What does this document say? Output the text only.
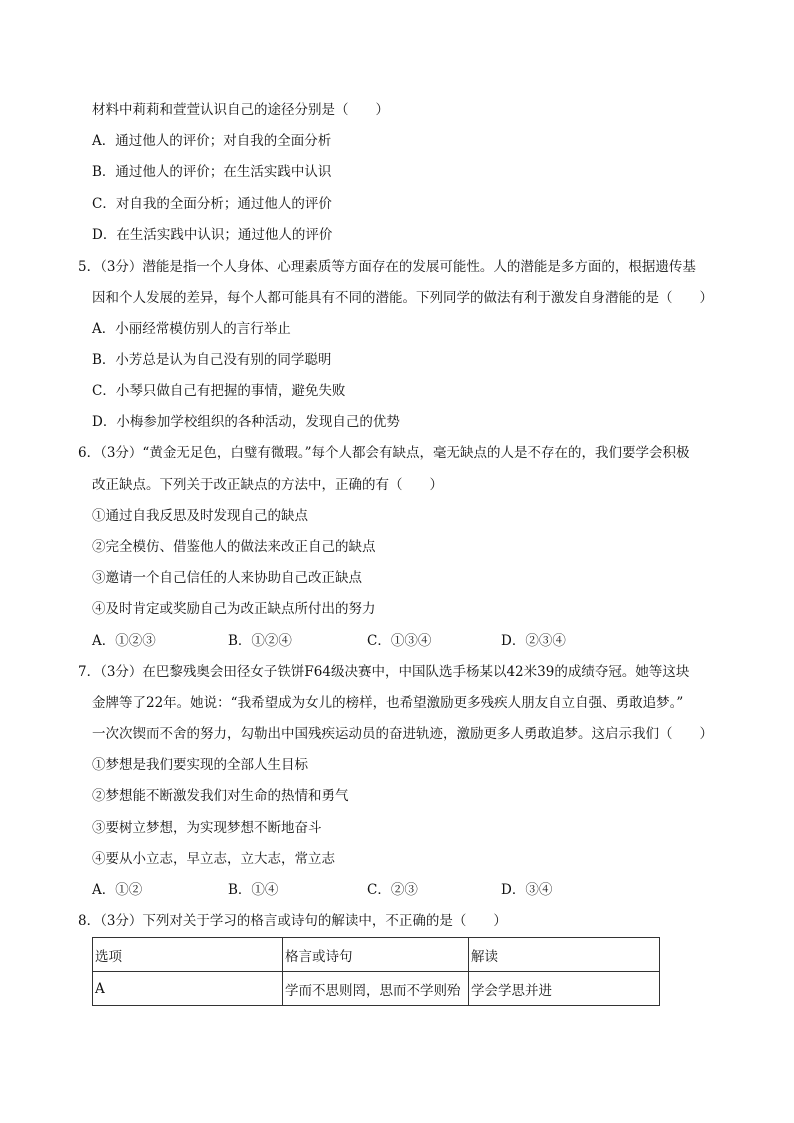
材料中莉莉和萱萱认识自己的途径分别是（　　）
A．通过他人的评价；对自我的全面分析
B．通过他人的评价；在生活实践中认识
C．对自我的全面分析；通过他人的评价
D．在生活实践中认识；通过他人的评价
5．（3分）潜能是指一个人身体、心理素质等方面存在的发展可能性。人的潜能是多方面的，根据遗传基
因和个人发展的差异，每个人都可能具有不同的潜能。下列同学的做法有利于激发自身潜能的是（　　）
A．小丽经常模仿别人的言行举止
B．小芳总是认为自己没有别的同学聪明
C．小琴只做自己有把握的事情，避免失败
D．小梅参加学校组织的各种活动，发现自己的优势
6．（3分）“黄金无足色，白璧有微瑕。”每个人都会有缺点，毫无缺点的人是不存在的，我们要学会积极
改正缺点。下列关于改正缺点的方法中，正确的有（　　）
①通过自我反思及时发现自己的缺点
②完全模仿、借鉴他人的做法来改正自己的缺点
③邀请一个自己信任的人来协助自己改正缺点
④及时肯定或奖励自己为改正缺点所付出的努力
A．①②③	B．①②④	C．①③④	D．②③④
7．（3分）在巴黎残奥会田径女子铁饼F64级决赛中，中国队选手杨某以42米39的成绩夺冠。她等这块
金牌等了22年。她说：“我希望成为女儿的榜样，也希望激励更多残疾人朋友自立自强、勇敢追梦。”
一次次锲而不舍的努力，勾勒出中国残疾运动员的奋进轨迹，激励更多人勇敢追梦。这启示我们（　　）
①梦想是我们要实现的全部人生目标
②梦想能不断激发我们对生命的热情和勇气
③要树立梦想，为实现梦想不断地奋斗
④要从小立志，早立志，立大志，常立志
A．①②	B．①④	C．②③	D．③④
8．（3分）下列对关于学习的格言或诗句的解读中，不正确的是（　　）
选项	格言或诗句	解读
A	学而不思则罔，思而不学则殆	学会学思并进
